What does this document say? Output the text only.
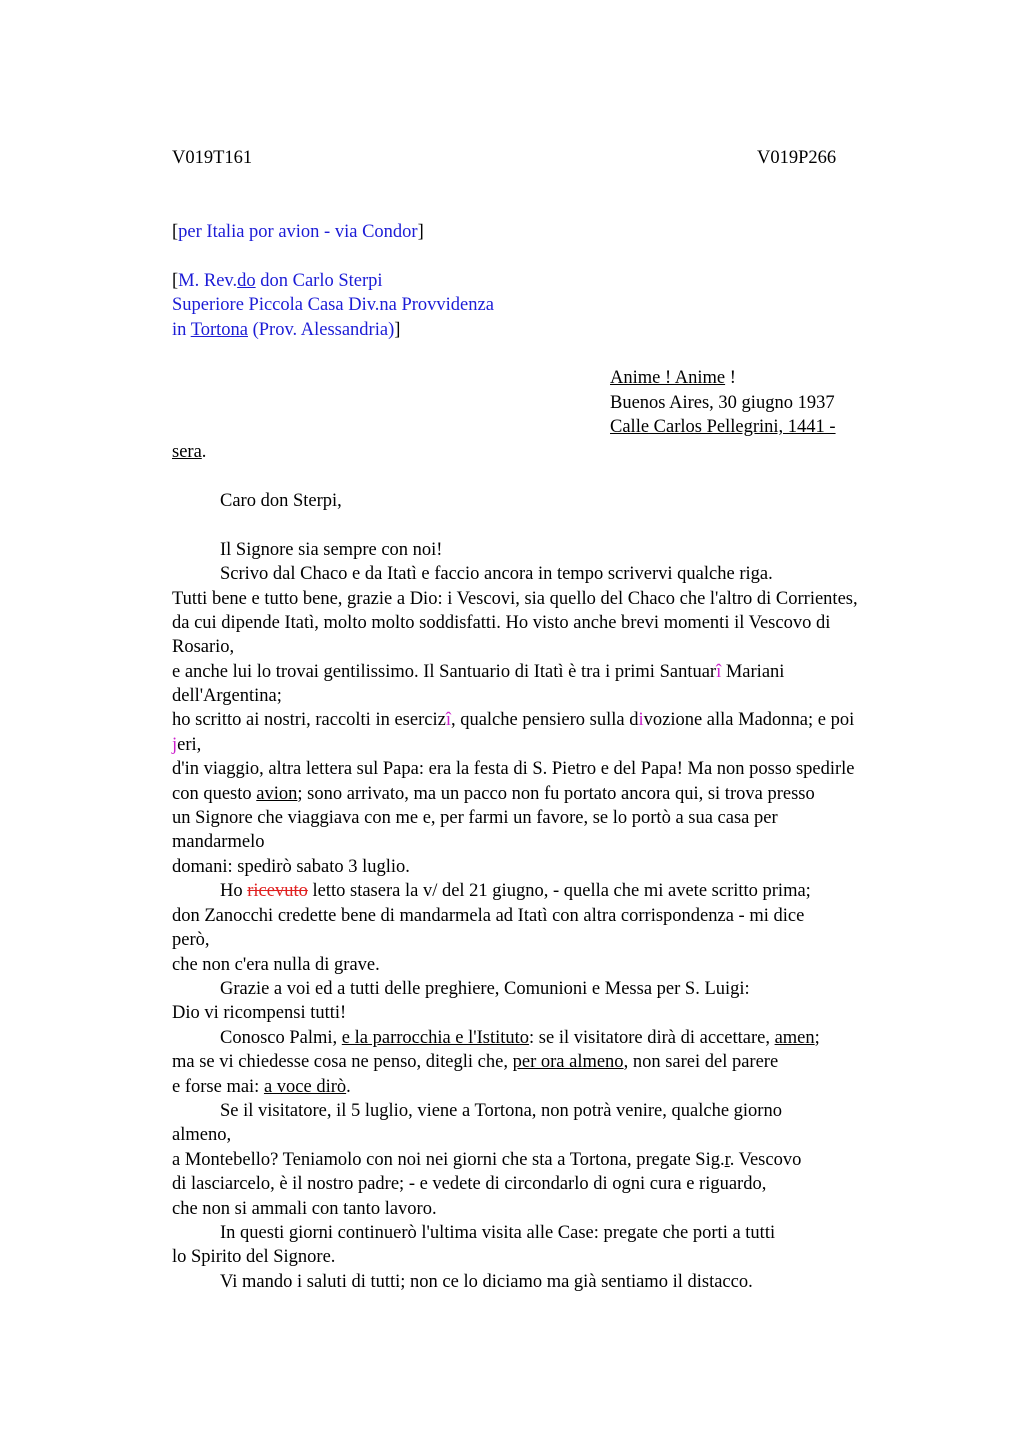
V019T161	V019P266
[per Italia por avion - via Condor]
[M. Rev.do don Carlo Sterpi
Superiore Piccola Casa Div.na Provvidenza
in Tortona (Prov. Alessandria)]
Anime ! Anime !
Buenos Aires, 30 giugno 1937
Calle Carlos Pellegrini, 1441 -
sera.
Caro don Sterpi,
Il Signore sia sempre con noi!
Scrivo dal Chaco e da Itatì e faccio ancora in tempo scrivervi qualche riga.
Tutti bene e tutto bene, grazie a Dio: i Vescovi, sia quello del Chaco che l'altro di Corrientes,
da cui dipende Itatì, molto molto soddisfatti. Ho visto anche brevi momenti il Vescovo di
Rosario,
e anche lui lo trovai gentilissimo. Il Santuario di Itatì è tra i primi Santuarî Mariani
dell'Argentina;
ho scritto ai nostri, raccolti in esercizî, qualche pensiero sulla divozione alla Madonna; e poi
jeri,
d'in viaggio, altra lettera sul Papa: era la festa di S. Pietro e del Papa! Ma non posso spedirle
con questo avion; sono arrivato, ma un pacco non fu portato ancora qui, si trova presso
un Signore che viaggiava con me e, per farmi un favore, se lo portò a sua casa per
mandarmelo
domani: spedirò sabato 3 luglio.
Ho ricevuto letto stasera la v/ del 21 giugno, - quella che mi avete scritto prima;
don Zanocchi credette bene di mandarmela ad Itatì con altra corrispondenza - mi dice
però,
che non c'era nulla di grave.
Grazie a voi ed a tutti delle preghiere, Comunioni e Messa per S. Luigi:
Dio vi ricompensi tutti!
Conosco Palmi, e la parrocchia e l'Istituto: se il visitatore dirà di accettare, amen;
ma se vi chiedesse cosa ne penso, ditegli che, per ora almeno, non sarei del parere
e forse mai: a voce dirò.
Se il visitatore, il 5 luglio, viene a Tortona, non potrà venire, qualche giorno
almeno,
a Montebello? Teniamolo con noi nei giorni che sta a Tortona, pregate Sig.r. Vescovo
di lasciarcelo, è il nostro padre; - e vedete di circondarlo di ogni cura e riguardo,
che non si ammali con tanto lavoro.
In questi giorni continuerò l'ultima visita alle Case: pregate che porti a tutti
lo Spirito del Signore.
Vi mando i saluti di tutti; non ce lo diciamo ma già sentiamo il distacco.
